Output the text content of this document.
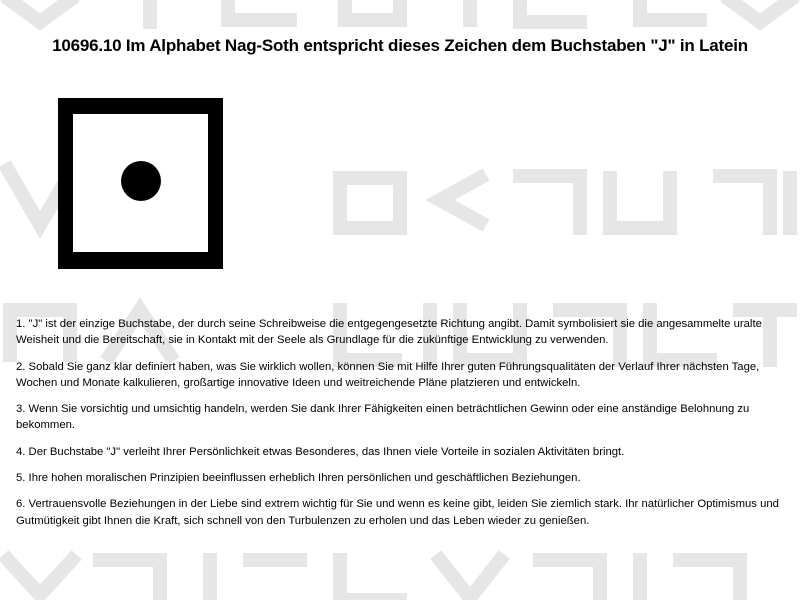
10696.10 Im Alphabet Nag-Soth entspricht dieses Zeichen dem Buchstaben "J" in Latein

1. "J" ist der einzige Buchstabe, der durch seine Schreibweise die entgegengesetzte Richtung angibt. Damit symbolisiert sie die angesammelte uralte Weisheit und die Bereitschaft, sie in Kontakt mit der Seele als Grundlage für die zukünftige Entwicklung zu verwenden.

2. Sobald Sie ganz klar definiert haben, was Sie wirklich wollen, können Sie mit Hilfe Ihrer guten Führungsqualitäten der Verlauf Ihrer nächsten Tage, Wochen und Monate kalkulieren, großartige innovative Ideen und weitreichende Pläne platzieren und entwickeln.

3. Wenn Sie vorsichtig und umsichtig handeln, werden Sie dank Ihrer Fähigkeiten einen beträchtlichen Gewinn oder eine anständige Belohnung zu bekommen.

4. Der Buchstabe "J" verleiht Ihrer Persönlichkeit etwas Besonderes, das Ihnen viele Vorteile in sozialen Aktivitäten bringt.

5. Ihre hohen moralischen Prinzipien beeinflussen erheblich Ihren persönlichen und geschäftlichen Beziehungen.

6. Vertrauensvolle Beziehungen in der Liebe sind extrem wichtig für Sie und wenn es keine gibt, leiden Sie ziemlich stark. Ihr natürlicher Optimismus und Gutmütigkeit gibt Ihnen die Kraft, sich schnell von den Turbulenzen zu erholen und das Leben wieder zu genießen.
